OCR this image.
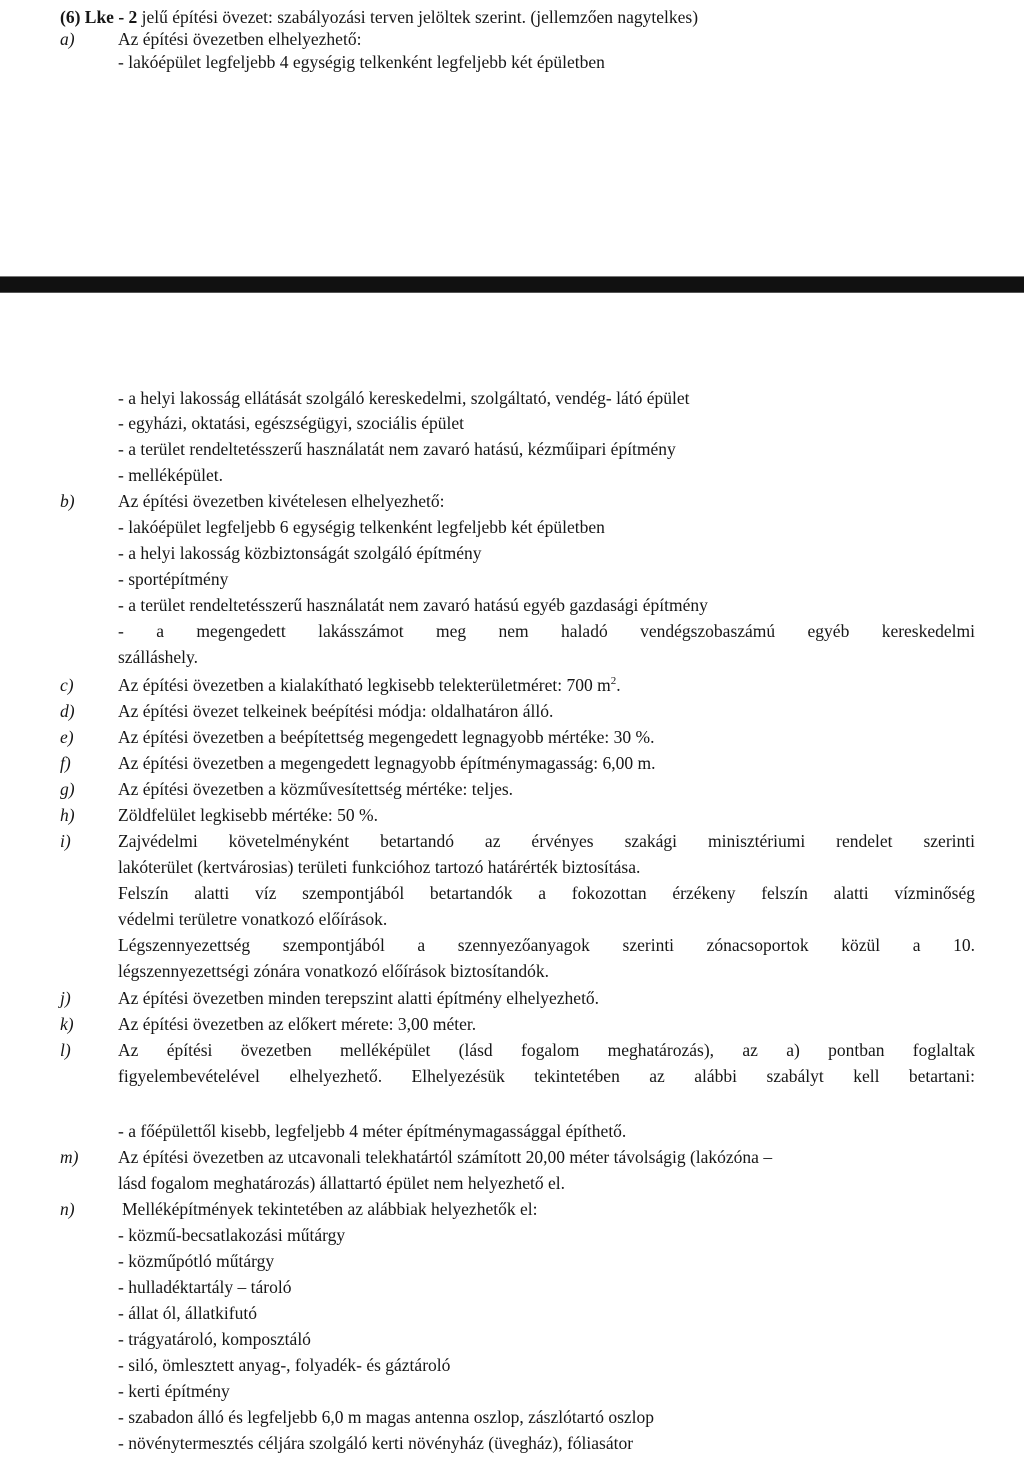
(6) Lke - 2 jelű építési övezet: szabályozási terven jelöltek szerint. (jellemzően nagytelkes)
a) Az építési övezetben elhelyezhető:
- lakóépület legfeljebb 4 egységig telkenként legfeljebb két épületben
- a helyi lakosság ellátását szolgáló kereskedelmi, szolgáltató, vendég- látó épület
- egyházi, oktatási, egészségügyi, szociális épület
- a terület rendeltetésszerű használatát nem zavaró hatású, kézműipari építmény
- melléképület.
b) Az építési övezetben kivételesen elhelyezhető:
- lakóépület legfeljebb 6 egységig telkenként legfeljebb két épületben
- a helyi lakosság közbiztonságát szolgáló építmény
- sportépítmény
- a terület rendeltetésszerű használatát nem zavaró hatású egyéb gazdasági építmény
- a megengedett lakásszámot meg nem haladó vendégszobaszámú egyéb kereskedelmi
szálláshely.
c)	Az építési övezetben a kialakítható legkisebb telekterületméret: 700 $m^2$.
d) Az építési övezet telkeinek beépítési módja: oldalhatáron álló.
e)	Az építési övezetben a beépítettség megengedett legnagyobb mértéke: 30 %.
f)	Az építési övezetben a megengedett legnagyobb építménymagasság: 6,00 m.
g) Az építési övezetben a közművesítettség mértéke: teljes.
h) Zöldfelület legkisebb mértéke: 50 %.
i)	Zajvédelmi követelményként betartandó az érvényes szakági minisztériumi rendelet szerinti
lakóterület (kertvárosias) területi funkcióhoz tartozó határérték biztosítása.
Felszín alatti víz szempontjából betartandók a fokozottan érzékeny felszín alatti vízminőség
védelmi területre vonatkozó előírások.
Légszennyezettség szempontjából a szennyezőanyagok szerinti zónacsoportok közül a 10.
légszennyezettségi zónára vonatkozó előírások biztosítandók.
j)	Az építési övezetben minden terepszint alatti építmény elhelyezhető.
k)	Az építési övezetben az előkert mérete: 3,00 méter.
l)	Az építési övezetben melléképület (lásd fogalom meghatározás), az a) pontban foglaltak
figyelembevételével elhelyezhető. Elhelyezésük tekintetében az alábbi szabályt kell betartani:
- a főépülettől kisebb, legfeljebb 4 méter építménymagassággal építhető.
m) Az építési övezetben az utcavonali telekhatártól számított 20,00 méter távolságig (lakózóna –
lásd fogalom meghatározás) állattartó épület nem helyezhető el.
n)	Melléképítmények tekintetében az alábbiak helyezhetők el:
- közmű-becsatlakozási műtárgy
- közműpótló műtárgy
- hulladéktartály – tároló
- állat ól, állatkifutó
- trágyatároló, komposztáló
- siló, ömlesztett anyag-, folyadék- és gáztároló
- kerti építmény
- szabadon álló és legfeljebb 6,0 m magas antenna oszlop, zászlótartó oszlop
- növénytermesztés céljára szolgáló kerti növényház (üvegház), fóliasátor
